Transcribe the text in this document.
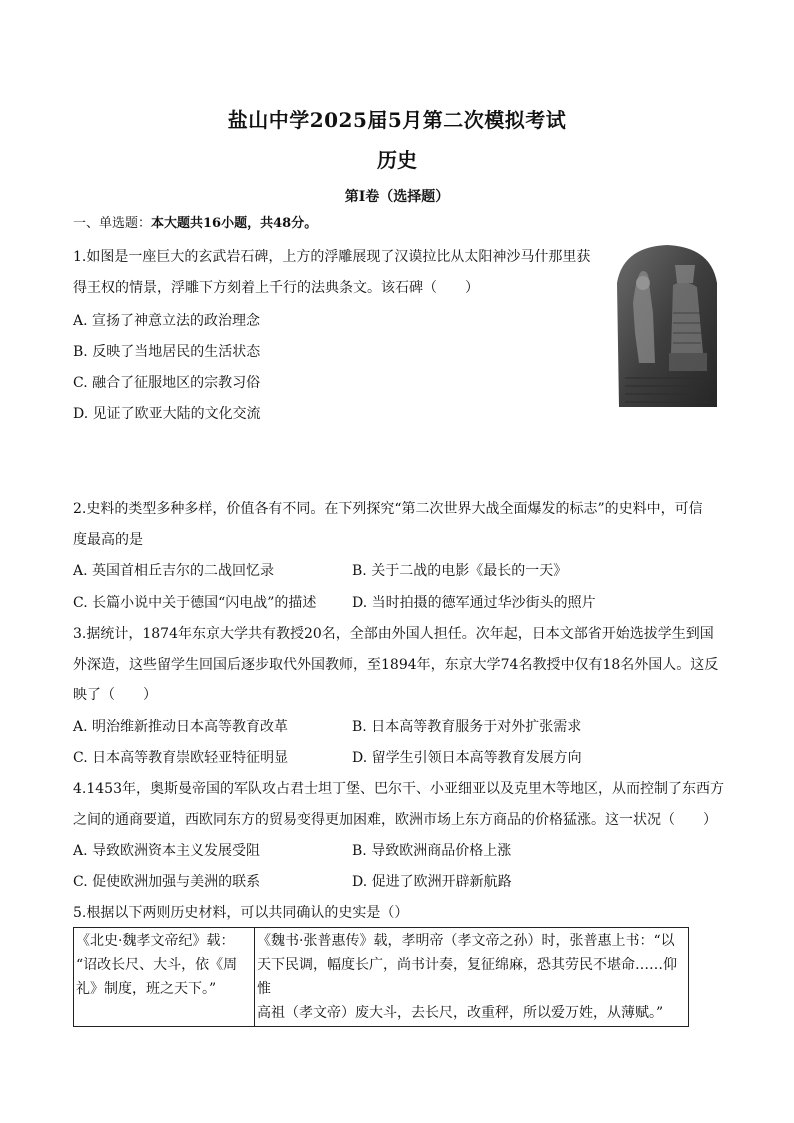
盐山中学2025届5月第二次模拟考试
历史
第I卷（选择题）
一、单选题：本大题共16小题，共48分。
1.如图是一座巨大的玄武岩石碑，上方的浮雕展现了汉谟拉比从太阳神沙马什那里获
得王权的情景，浮雕下方刻着上千行的法典条文。该石碑（　　）
A. 宣扬了神意立法的政治理念
B. 反映了当地居民的生活状态
C. 融合了征服地区的宗教习俗
D. 见证了欧亚大陆的文化交流
2.史料的类型多种多样，价值各有不同。在下列探究“第二次世界大战全面爆发的标志”的史料中，可信
度最高的是
A. 英国首相丘吉尔的二战回忆录	B. 关于二战的电影《最长的一天》
C. 长篇小说中关于德国“闪电战”的描述	D. 当时拍摄的德军通过华沙街头的照片
3.据统计，1874年东京大学共有教授20名，全部由外国人担任。次年起，日本文部省开始选拔学生到国
外深造，这些留学生回国后逐步取代外国教师，至1894年，东京大学74名教授中仅有18名外国人。这反
映了（　　）
A. 明治维新推动日本高等教育改革	B. 日本高等教育服务于对外扩张需求
C. 日本高等教育崇欧轻亚特征明显	D. 留学生引领日本高等教育发展方向
4.1453年，奥斯曼帝国的军队攻占君士坦丁堡、巴尔干、小亚细亚以及克里木等地区，从而控制了东西方
之间的通商要道，西欧同东方的贸易变得更加困难，欧洲市场上东方商品的价格猛涨。这一状况（　　）
A. 导致欧洲资本主义发展受阻	B. 导致欧洲商品价格上涨
C. 促使欧洲加强与美洲的联系	D. 促进了欧洲开辟新航路
5.根据以下两则历史材料，可以共同确认的史实是（）
《北史·魏孝文帝纪》载：
“诏改长尺、大斗，依《周
礼》制度，班之天下。”

《魏书·张普惠传》载，孝明帝（孝文帝之孙）时，张普惠上书：“以
天下民调，幅度长广，尚书计奏，复征绵麻，恐其劳民不堪命……仰惟
高祖（孝文帝）废大斗，去长尺，改重秤，所以爱万姓，从薄赋。”
